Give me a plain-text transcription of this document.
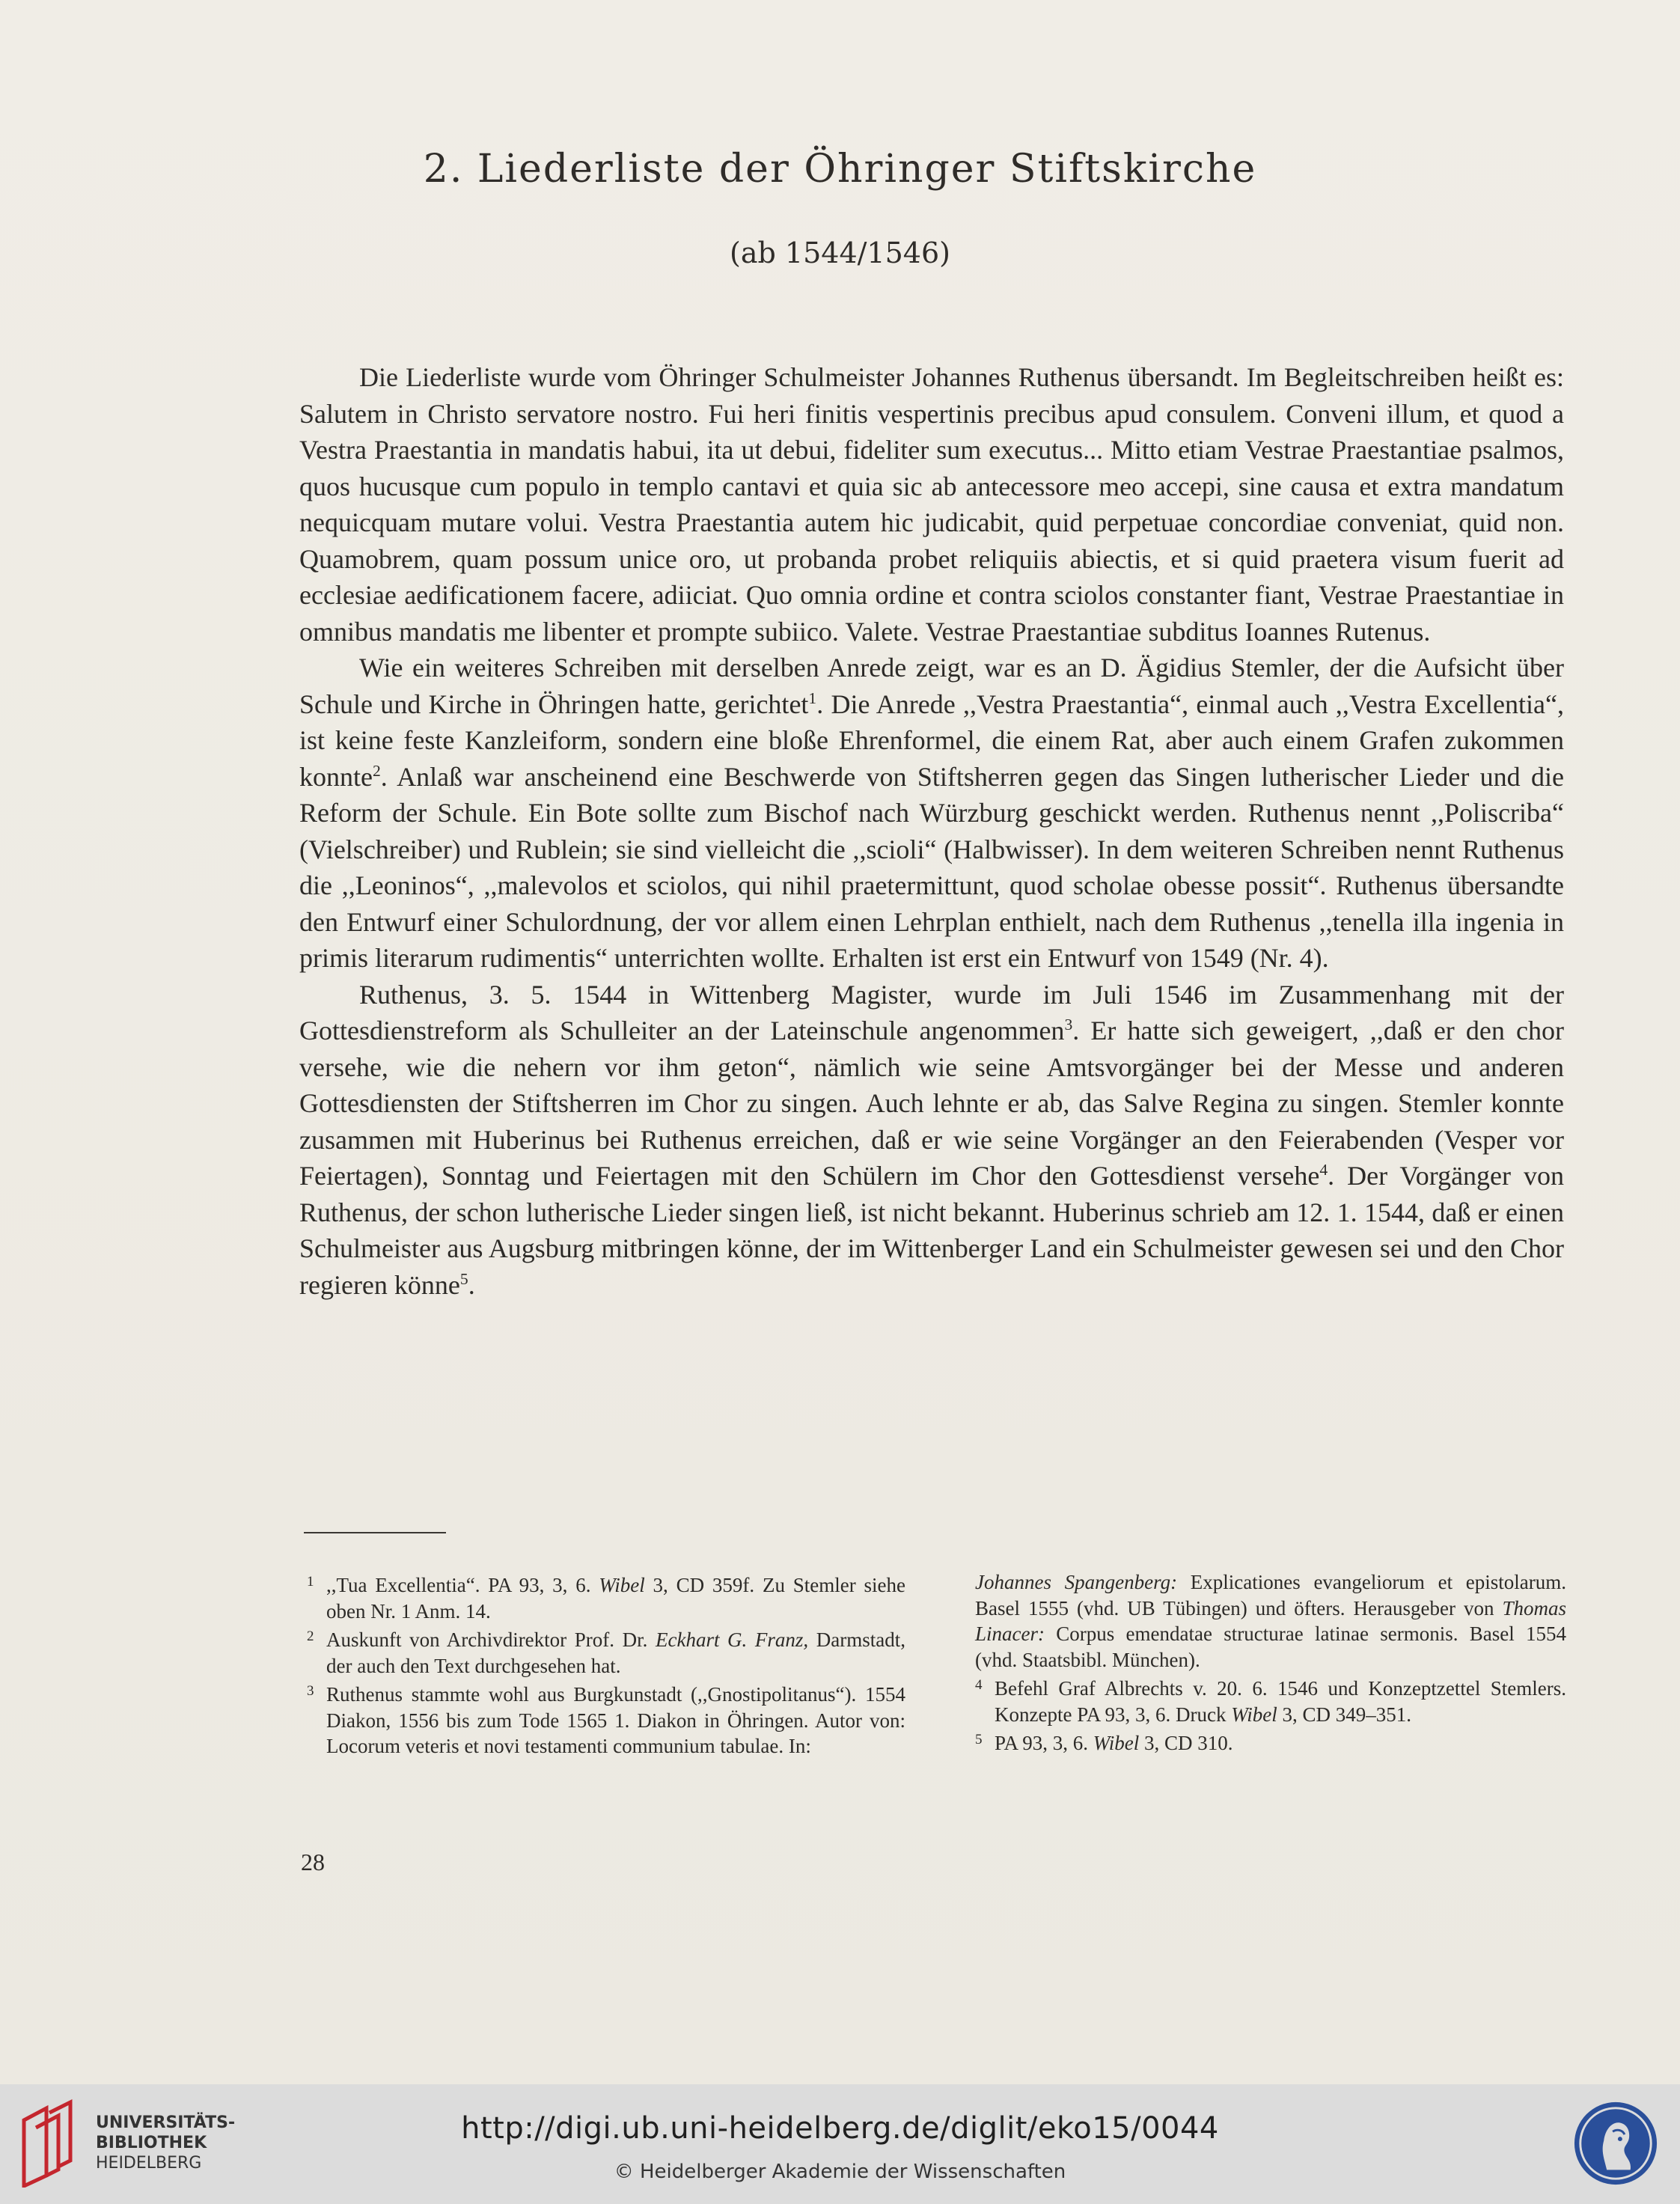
2. Liederliste der Öhringer Stiftskirche
(ab 1544/1546)

Die Liederliste wurde vom Öhringer Schulmeister Johannes Ruthenus übersandt. Im Begleitschreiben heißt es: Salutem in Christo servatore nostro. Fui heri finitis vespertinis precibus apud consulem. Conveni illum, et quod a Vestra Praestantia in mandatis habui, ita ut debui, fideliter sum executus... Mitto etiam Vestrae Praestantiae psalmos, quos hucusque cum populo in templo cantavi et quia sic ab antecessore meo accepi, sine causa et extra mandatum nequicquam mutare volui. Vestra Praestantia autem hic judicabit, quid perpetuae concordiae conveniat, quid non. Quamobrem, quam possum unice oro, ut probanda probet reliquiis abiectis, et si quid praetera visum fuerit ad ecclesiae aedificationem facere, adiiciat. Quo omnia ordine et contra sciolos constanter fiant, Vestrae Praestantiae in omnibus mandatis me libenter et prompte subiico. Valete. Vestrae Praestantiae subditus Ioannes Rutenus.

Wie ein weiteres Schreiben mit derselben Anrede zeigt, war es an D. Ägidius Stemler, der die Aufsicht über Schule und Kirche in Öhringen hatte, gerichtet$^1$. Die Anrede ,,Vestra Praestantia“, einmal auch ,,Vestra Excellentia“, ist keine feste Kanzleiform, sondern eine bloße Ehrenformel, die einem Rat, aber auch einem Grafen zukommen konnte$^2$. Anlaß war anscheinend eine Beschwerde von Stiftsherren gegen das Singen lutherischer Lieder und die Reform der Schule. Ein Bote sollte zum Bischof nach Würzburg geschickt werden. Ruthenus nennt ,,Poliscriba“ (Vielschreiber) und Rublein; sie sind vielleicht die ,,scioli“ (Halbwisser). In dem weiteren Schreiben nennt Ruthenus die ,,Leoninos“, ,,malevolos et sciolos, qui nihil praetermittunt, quod scholae obesse possit“. Ruthenus übersandte den Entwurf einer Schulordnung, der vor allem einen Lehrplan enthielt, nach dem Ruthenus ,,tenella illa ingenia in primis literarum rudimentis“ unterrichten wollte. Erhalten ist erst ein Entwurf von 1549 (Nr. 4).

Ruthenus, 3. 5. 1544 in Wittenberg Magister, wurde im Juli 1546 im Zusammenhang mit der Gottesdienstreform als Schulleiter an der Lateinschule angenommen$^3$. Er hatte sich geweigert, ,,daß er den chor versehe, wie die nehern vor ihm geton“, nämlich wie seine Amtsvorgänger bei der Messe und anderen Gottesdiensten der Stiftsherren im Chor zu singen. Auch lehnte er ab, das Salve Regina zu singen. Stemler konnte zusammen mit Huberinus bei Ruthenus erreichen, daß er wie seine Vorgänger an den Feierabenden (Vesper vor Feiertagen), Sonntag und Feiertagen mit den Schülern im Chor den Gottesdienst versehe$^4$. Der Vorgänger von Ruthenus, der schon lutherische Lieder singen ließ, ist nicht bekannt. Huberinus schrieb am 12. 1. 1544, daß er einen Schulmeister aus Augsburg mitbringen könne, der im Wittenberger Land ein Schulmeister gewesen sei und den Chor regieren könne$^5$.

1 ,,Tua Excellentia“. PA 93, 3, 6. Wibel 3, CD 359f. Zu Stemler siehe oben Nr. 1 Anm. 14.
2 Auskunft von Archivdirektor Prof. Dr. Eckhart G. Franz, Darmstadt, der auch den Text durchgesehen hat.
3 Ruthenus stammte wohl aus Burgkunstadt (,,Gnostipolitanus“). 1554 Diakon, 1556 bis zum Tode 1565 1. Diakon in Öhringen. Autor von: Locorum veteris et novi testamenti communium tabulae. In:
Johannes Spangenberg: Explicationes evangeliorum et epistolarum. Basel 1555 (vhd. UB Tübingen) und öfters. Herausgeber von Thomas Linacer: Corpus emendatae structurae latinae sermonis. Basel 1554 (vhd. Staatsbibl. München).
4 Befehl Graf Albrechts v. 20. 6. 1546 und Konzeptzettel Stemlers. Konzepte PA 93, 3, 6. Druck Wibel 3, CD 349–351.
5 PA 93, 3, 6. Wibel 3, CD 310.
28
UNIVERSITÄTS-
BIBLIOTHEK
HEIDELBERG
http://digi.ub.uni-heidelberg.de/diglit/eko15/0044
© Heidelberger Akademie der Wissenschaften
